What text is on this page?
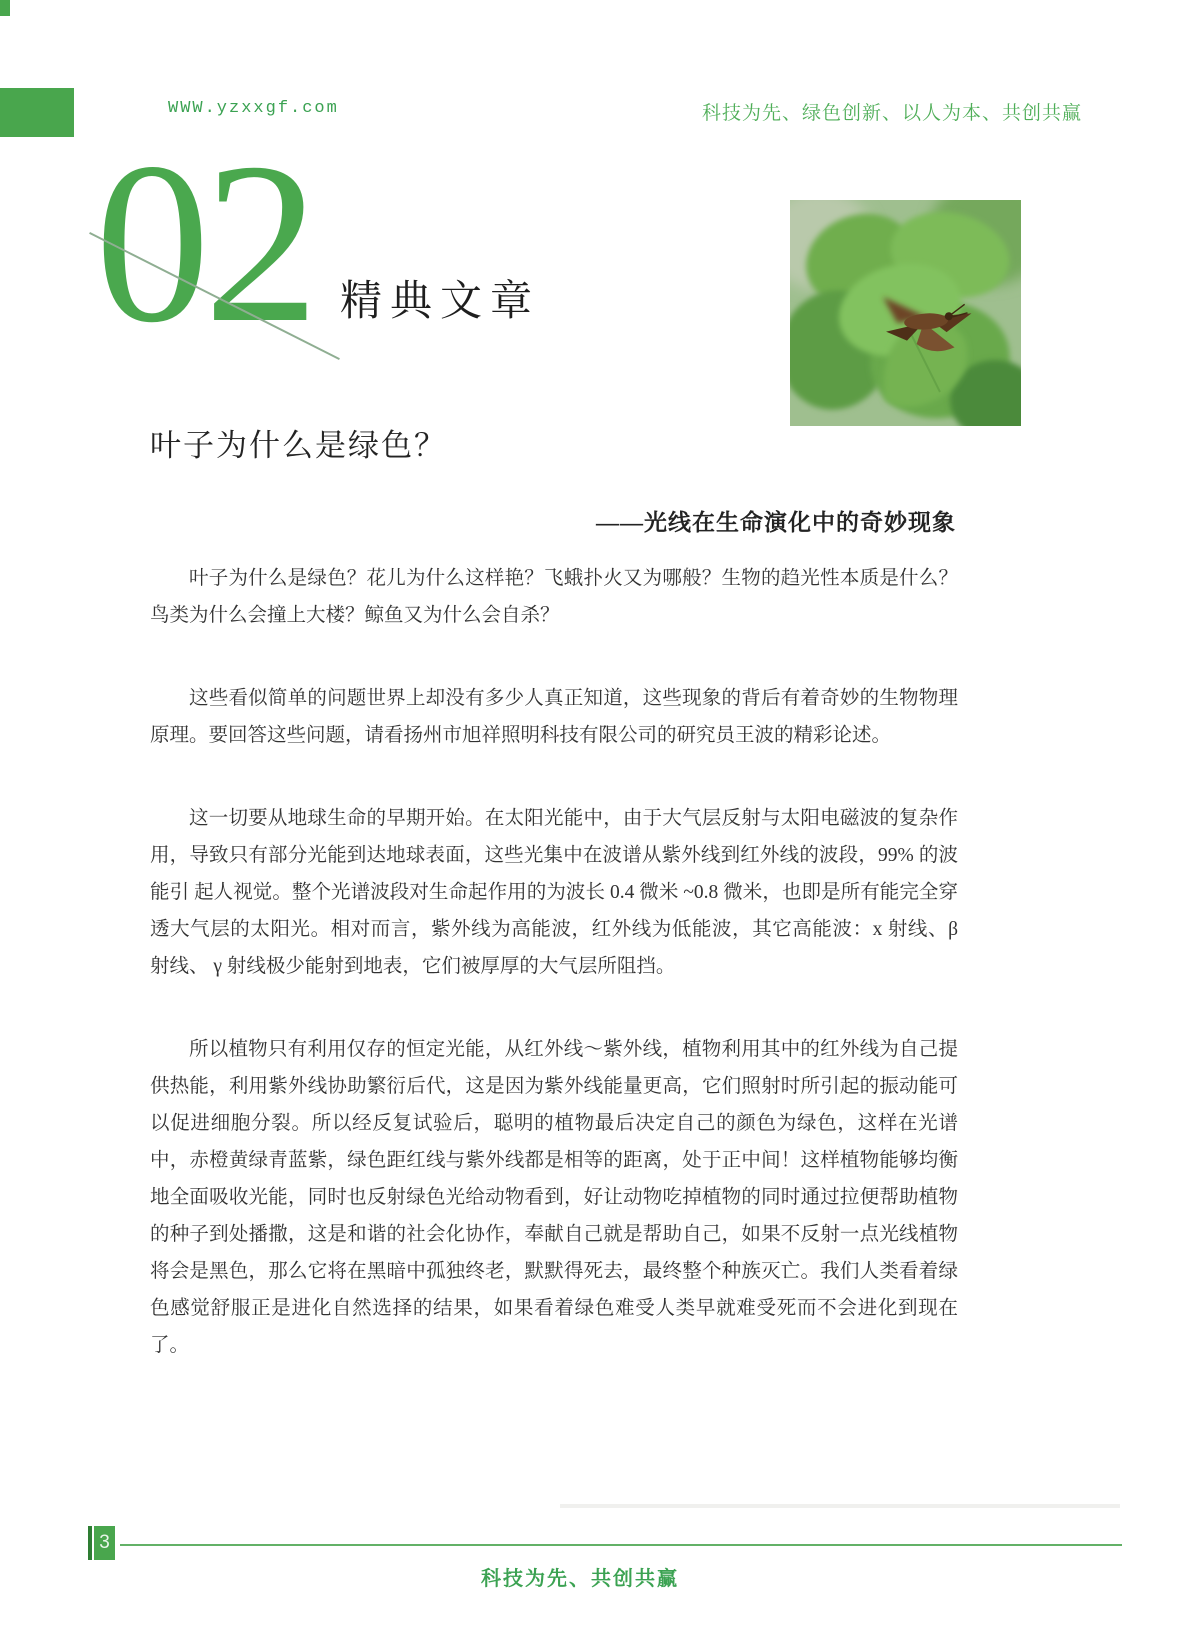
WWW.yzxxgf.com	科技为先、绿色创新、以人为本、共创共赢
02 精典文章
叶子为什么是绿色？
——光线在生命演化中的奇妙现象

叶子为什么是绿色？花儿为什么这样艳？飞蛾扑火又为哪般？生物的趋光性本质是什么？鸟类为什么会撞上大楼？鲸鱼又为什么会自杀？

这些看似简单的问题世界上却没有多少人真正知道，这些现象的背后有着奇妙的生物物理原理。要回答这些问题，请看扬州市旭祥照明科技有限公司的研究员王波的精彩论述。

这一切要从地球生命的早期开始。在太阳光能中，由于大气层反射与太阳电磁波的复杂作用，导致只有部分光能到达地球表面，这些光集中在波谱从紫外线到红外线的波段，99% 的波能引 起人视觉。整个光谱波段对生命起作用的为波长 0.4 微米 ~0.8 微米，也即是所有能完全穿透大气层的太阳光。相对而言，紫外线为高能波，红外线为低能波，其它高能波：x 射线、β 射线、 γ 射线极少能射到地表，它们被厚厚的大气层所阻挡。

所以植物只有利用仅存的恒定光能，从红外线～紫外线，植物利用其中的红外线为自己提供热能，利用紫外线协助繁衍后代，这是因为紫外线能量更高，它们照射时所引起的振动能可以促进细胞分裂。所以经反复试验后，聪明的植物最后决定自己的颜色为绿色，这样在光谱中，赤橙黄绿青蓝紫，绿色距红线与紫外线都是相等的距离，处于正中间！这样植物能够均衡地全面吸收光能，同时也反射绿色光给动物看到，好让动物吃掉植物的同时通过拉便帮助植物的种子到处播撒，这是和谐的社会化协作，奉献自己就是帮助自己，如果不反射一点光线植物将会是黑色，那么它将在黑暗中孤独终老，默默得死去，最终整个种族灭亡。我们人类看着绿色感觉舒服正是进化自然选择的结果，如果看着绿色难受人类早就难受死而不会进化到现在了。

3
科技为先、共创共赢
